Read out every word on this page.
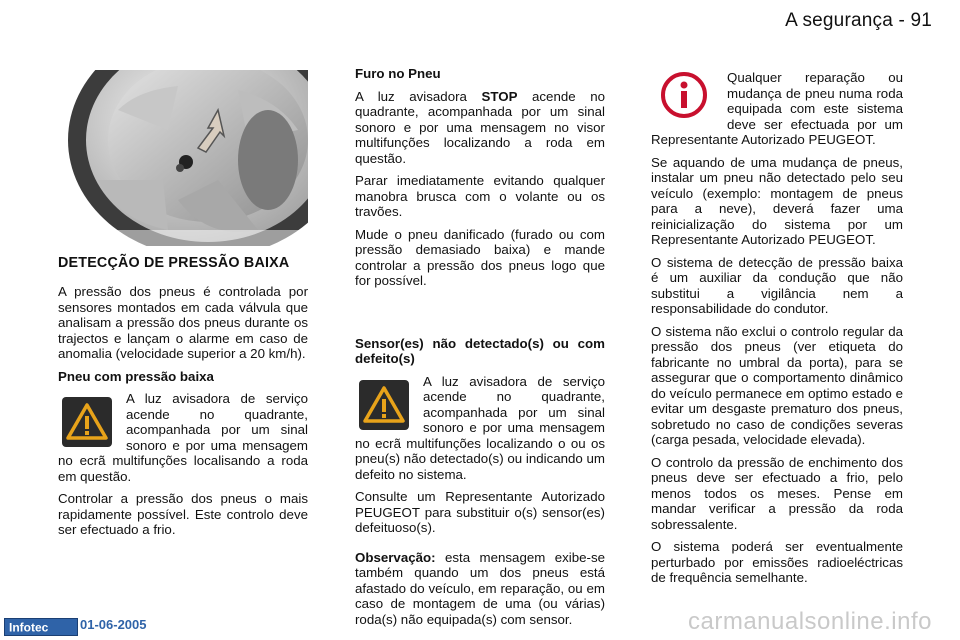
A segurança - 91
DETECÇÃO DE PRESSÃO BAIXA

A pressão dos pneus é controlada por sensores montados em cada válvula que analisam a pressão dos pneus durante os trajectos e lançam o alarme em caso de anomalia (velocidade superior a 20 km/h).

Pneu com pressão baixa

A luz avisadora de serviço acende no quadrante, acompanhada por um sinal sonoro e por uma mensagem no ecrã multifunções localisando a roda em questão.

Controlar a pressão dos pneus o mais rapidamente possível. Este controlo deve ser efectuado a frio.

Furo no Pneu

A luz avisadora STOP acende no quadrante, acompanhada por um sinal sonoro e por uma mensagem no visor multifunções localizando a roda em questão.

Parar imediatamente evitando qualquer manobra brusca com o volante ou os travões.

Mude o pneu danificado (furado ou com pressão demasiado baixa) e mande controlar a pressão dos pneus logo que for possível.

Sensor(es) não detectado(s) ou com defeito(s)

A luz avisadora de serviço acende no quadrante, acompanhada por um sinal sonoro e por uma mensagem no ecrã multifunções localizando o ou os pneu(s) não detectado(s) ou indicando um defeito no sistema.

Consulte um Representante Autorizado PEUGEOT para substituir o(s) sensor(es) defeituoso(s).

Observação: esta mensagem exibe-se também quando um dos pneus está afastado do veículo, em reparação, ou em caso de montagem de uma (ou várias) roda(s) não equipada(s) com sensor.

Qualquer reparação ou mudança de pneu numa roda equipada com este sistema deve ser efectuada por um Representante Autorizado PEUGEOT.

Se aquando de uma mudança de pneus, instalar um pneu não detectado pelo seu veículo (exemplo: montagem de pneus para a neve), deverá fazer uma reinicialização do sistema por um Representante Autorizado PEUGEOT.

O sistema de detecção de pressão baixa é um auxiliar da condução que não substitui a vigilância nem a responsabilidade do condutor.

O sistema não exclui o controlo regular da pressão dos pneus (ver etiqueta do fabricante no umbral da porta), para se assegurar que o comportamento dinâmico do veículo permanece em optimo estado e evitar um desgaste prematuro dos pneus, sobretudo no caso de condições severas (carga pesada, velocidade elevada).

O controlo da pressão de enchimento dos pneus deve ser efectuado a frio, pelo menos todos os meses. Pense em mandar verificar a pressão da roda sobressalente.

O sistema poderá ser eventualmente perturbado por emissões radioeléctricas de frequência semelhante.

Infotec 01-06-2005	carmanualsonline.info
